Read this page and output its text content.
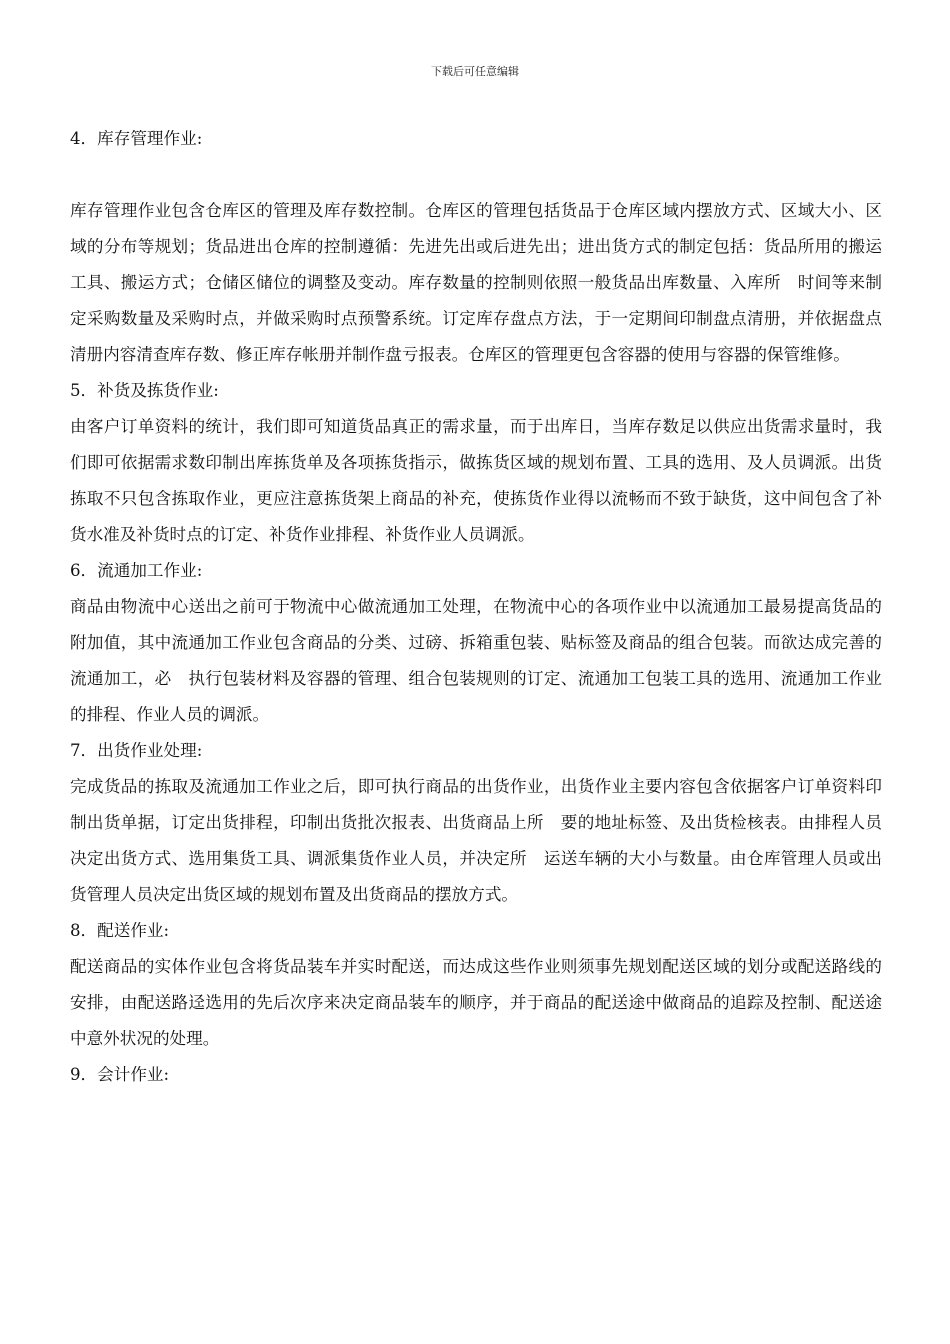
下载后可任意编辑
4．库存管理作业:

库存管理作业包含仓库区的管理及库存数控制。仓库区的管理包括货品于仓库区域内摆放方式、区域大小、区域的分布等规划；货品进出仓库的控制遵循：先进先出或后进先出；进出货方式的制定包括：货品所用的搬运工具、搬运方式；仓储区储位的调整及变动。库存数量的控制则依照一般货品出库数量、入库所　时间等来制定采购数量及采购时点，并做采购时点预警系统。订定库存盘点方法，于一定期间印制盘点清册，并依据盘点清册内容清查库存数、修正库存帐册并制作盘亏报表。仓库区的管理更包含容器的使用与容器的保管维修。

5．补货及拣货作业:

由客户订单资料的统计，我们即可知道货品真正的需求量，而于出库日，当库存数足以供应出货需求量时，我们即可依据需求数印制出库拣货单及各项拣货指示，做拣货区域的规划布置、工具的选用、及人员调派。出货拣取不只包含拣取作业，更应注意拣货架上商品的补充，使拣货作业得以流畅而不致于缺货，这中间包含了补货水准及补货时点的订定、补货作业排程、补货作业人员调派。

6．流通加工作业:

商品由物流中心送出之前可于物流中心做流通加工处理，在物流中心的各项作业中以流通加工最易提高货品的附加值，其中流通加工作业包含商品的分类、过磅、拆箱重包装、贴标签及商品的组合包装。而欲达成完善的流通加工，必　执行包装材料及容器的管理、组合包装规则的订定、流通加工包装工具的选用、流通加工作业的排程、作业人员的调派。

7．出货作业处理:

完成货品的拣取及流通加工作业之后，即可执行商品的出货作业，出货作业主要内容包含依据客户订单资料印制出货单据，订定出货排程，印制出货批次报表、出货商品上所　要的地址标签、及出货检核表。由排程人员决定出货方式、选用集货工具、调派集货作业人员，并决定所　运送车辆的大小与数量。由仓库管理人员或出货管理人员决定出货区域的规划布置及出货商品的摆放方式。

8．配送作业:

配送商品的实体作业包含将货品装车并实时配送，而达成这些作业则须事先规划配送区域的划分或配送路线的安排，由配送路迳选用的先后次序来决定商品装车的顺序，并于商品的配送途中做商品的追踪及控制、配送途中意外状况的处理。

9．会计作业:
